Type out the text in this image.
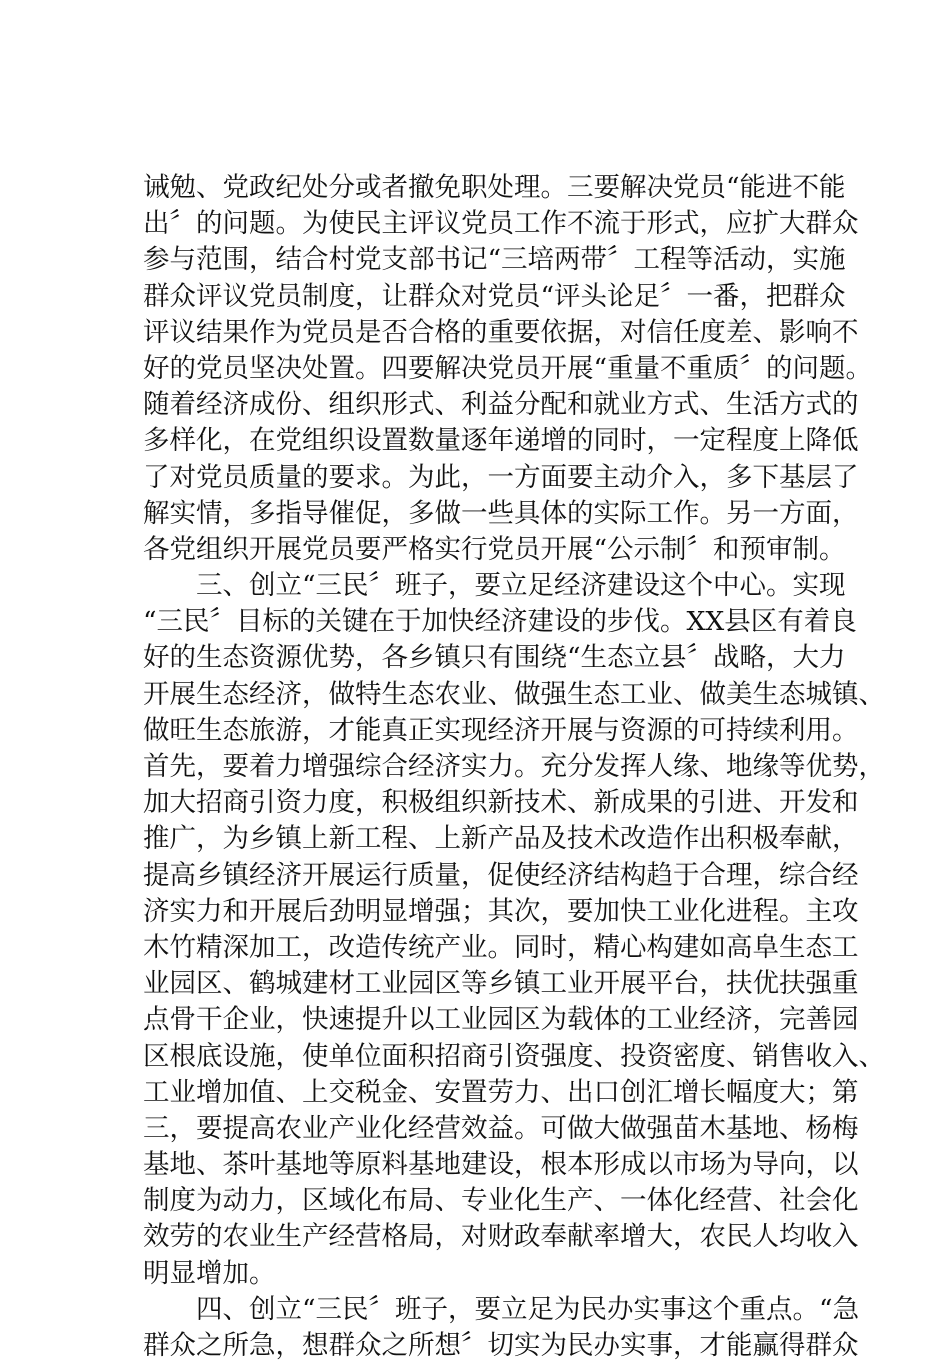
诫勉、党政纪处分或者撤免职处理。三要解决党员“能进不能
出〞的问题。为使民主评议党员工作不流于形式，应扩大群众
参与范围，结合村党支部书记“三培两带〞工程等活动，实施
群众评议党员制度，让群众对党员“评头论足〞一番，把群众
评议结果作为党员是否合格的重要依据，对信任度差、影响不
好的党员坚决处置。四要解决党员开展“重量不重质〞的问题。
随着经济成份、组织形式、利益分配和就业方式、生活方式的
多样化，在党组织设置数量逐年递增的同时，一定程度上降低
了对党员质量的要求。为此，一方面要主动介入，多下基层了
解实情，多指导催促，多做一些具体的实际工作。另一方面，
各党组织开展党员要严格实行党员开展“公示制〞和预审制。
三、创立“三民〞班子，要立足经济建设这个中心。实现
“三民〞目标的关键在于加快经济建设的步伐。XX县区有着良
好的生态资源优势，各乡镇只有围绕“生态立县〞战略，大力
开展生态经济，做特生态农业、做强生态工业、做美生态城镇、
做旺生态旅游，才能真正实现经济开展与资源的可持续利用。
首先，要着力增强综合经济实力。充分发挥人缘、地缘等优势，
加大招商引资力度，积极组织新技术、新成果的引进、开发和
推广，为乡镇上新工程、上新产品及技术改造作出积极奉献，
提高乡镇经济开展运行质量，促使经济结构趋于合理，综合经
济实力和开展后劲明显增强；其次，要加快工业化进程。主攻
木竹精深加工，改造传统产业。同时，精心构建如高阜生态工
业园区、鹤城建材工业园区等乡镇工业开展平台，扶优扶强重
点骨干企业，快速提升以工业园区为载体的工业经济，完善园
区根底设施，使单位面积招商引资强度、投资密度、销售收入、
工业增加值、上交税金、安置劳力、出口创汇增长幅度大；第
三，要提高农业产业化经营效益。可做大做强苗木基地、杨梅
基地、茶叶基地等原料基地建设，根本形成以市场为导向，以
制度为动力，区域化布局、专业化生产、一体化经营、社会化
效劳的农业生产经营格局，对财政奉献率增大，农民人均收入
明显增加。
四、创立“三民〞班子，要立足为民办实事这个重点。“急
群众之所急，想群众之所想〞切实为民办实事，才能赢得群众
